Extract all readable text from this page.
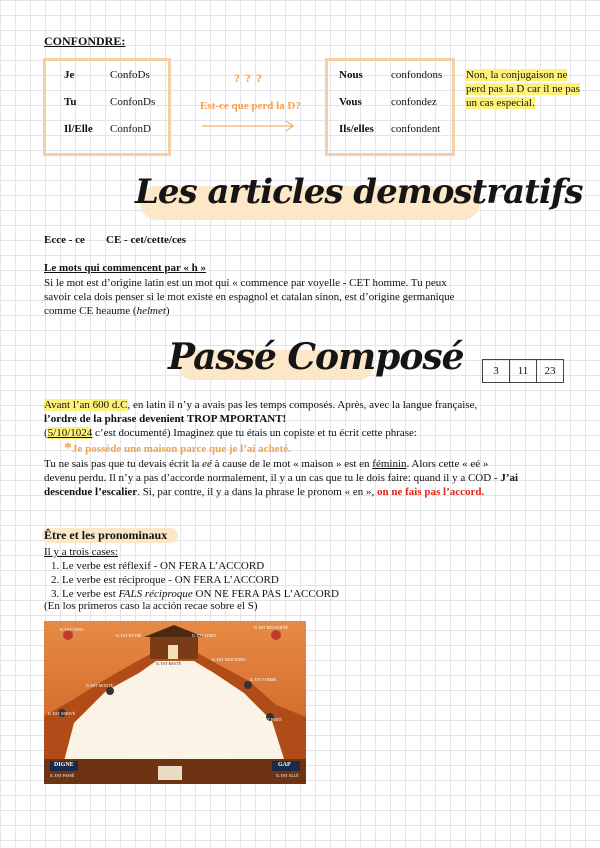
CONFONDRE:
Je	ConfoDs
Tu	ConfonDs
Il/Elle ConfonD
? ? ?
Est-ce que perd la D?
Nous	confondons
Vous	confondez
Ils/elles confondent
Non, la conjugaison ne perd pas la D car il ne pas un cas especial.
Les articles demostratifs
Ecce - ce CE - cet/cette/ces
Le mots qui commencent par « h »
Si le mot est d’origine latin est un mot qui « commence par voyelle - CET homme. Tu peux savoir cela dois penser si le mot existe en espagnol et catalan sinon, est d’origine germanique comme CE heaume (helmet)
Passé Composé	3	11	23
Avant l’an 600 d.C, en latin il n’y a avais pas les temps composés. Après, avec la langue française,
l’ordre de la phrase devenient TROP MPORTANT!
(5/10/1024 c’est documenté) Imaginez que tu étais un copiste et tu écrit cette phrase:
* Je possède une maison parce que je l’ai acheté.
Tu ne sais pas que tu devais écrit la eé à cause de le mot « maison » est en féminin. Alors cette « eé » devenu perdu. Il n’y a pas d’accorde normalement, il y a un cas que tu le dois faire: quand il y a COD - J’ai descendue l’escalier. Si, par contre, il y a dans la phrase le pronom « en », on ne fais pas l’accord.
Être et les pronominaux
Il y a trois cases:
1. Le verbe est réflexif - ON FERA L’ACCORD
2. Le verbe est réciproque - ON FERA L’ACCORD
3. Le verbe est FALS réciproque ON NE FERA PAS L’ACCORD
(En los primeros caso la acción recae sobre el S)
IL EST VENU
IL EST ENTRÉ	IL EST SORTI
IL EST RETOURNÉ
IL EST RESTÉ
IL EST TOMBÉ
IL EST MONTÉ
IL EST DESCENDU
IL EST ARRIVÉ
IL EST PARTI
IL EST NÉ EN 1880	IL EST MORT EN 1970
IL EST PASSÉ	IL EST ALLÉ
DIGNE	GAP
